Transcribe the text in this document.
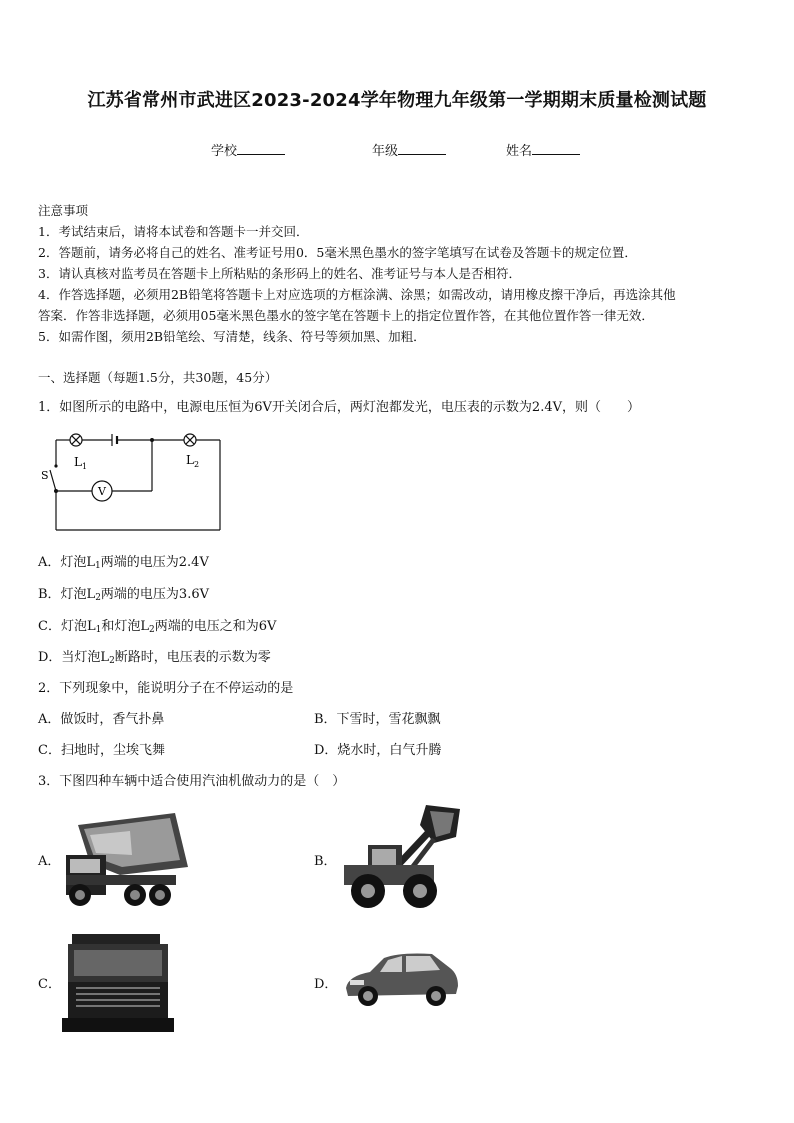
江苏省常州市武进区2023-2024学年物理九年级第一学期期末质量检测试题
学校	年级	姓名
注意事项
1．考试结束后，请将本试卷和答题卡一并交回．
2．答题前，请务必将自己的姓名、准考证号用0．5毫米黑色墨水的签字笔填写在试卷及答题卡的规定位置．
3．请认真核对监考员在答题卡上所粘贴的条形码上的姓名、准考证号与本人是否相符．
4．作答选择题，必须用2B铅笔将答题卡上对应选项的方框涂满、涂黑；如需改动，请用橡皮擦干净后，再选涂其他
答案．作答非选择题，必须用05毫米黑色墨水的签字笔在答题卡上的指定位置作答，在其他位置作答一律无效．
5．如需作图，须用2B铅笔绘、写清楚，线条、符号等须加黑、加粗．
一、选择题（每题1.5分，共30题，45分）
1．如图所示的电路中，电源电压恒为6V开关闭合后，两灯泡都发光，电压表的示数为2.4V，则（　　）
$L_1$	$L_2$
S
V
A．灯泡$L_1$两端的电压为2.4V
B．灯泡$L_2$两端的电压为3.6V
C．灯泡$L_1$和灯泡$L_2$两端的电压之和为6V
D．当灯泡$L_2$断路时，电压表的示数为零
2．下列现象中，能说明分子在不停运动的是
A．做饭时，香气扑鼻	B．下雪时，雪花飘飘
C．扫地时，尘埃飞舞	D．烧水时，白气升腾
3．下图四种车辆中适合使用汽油机做动力的是（　）
A．	B．
C．	D．
